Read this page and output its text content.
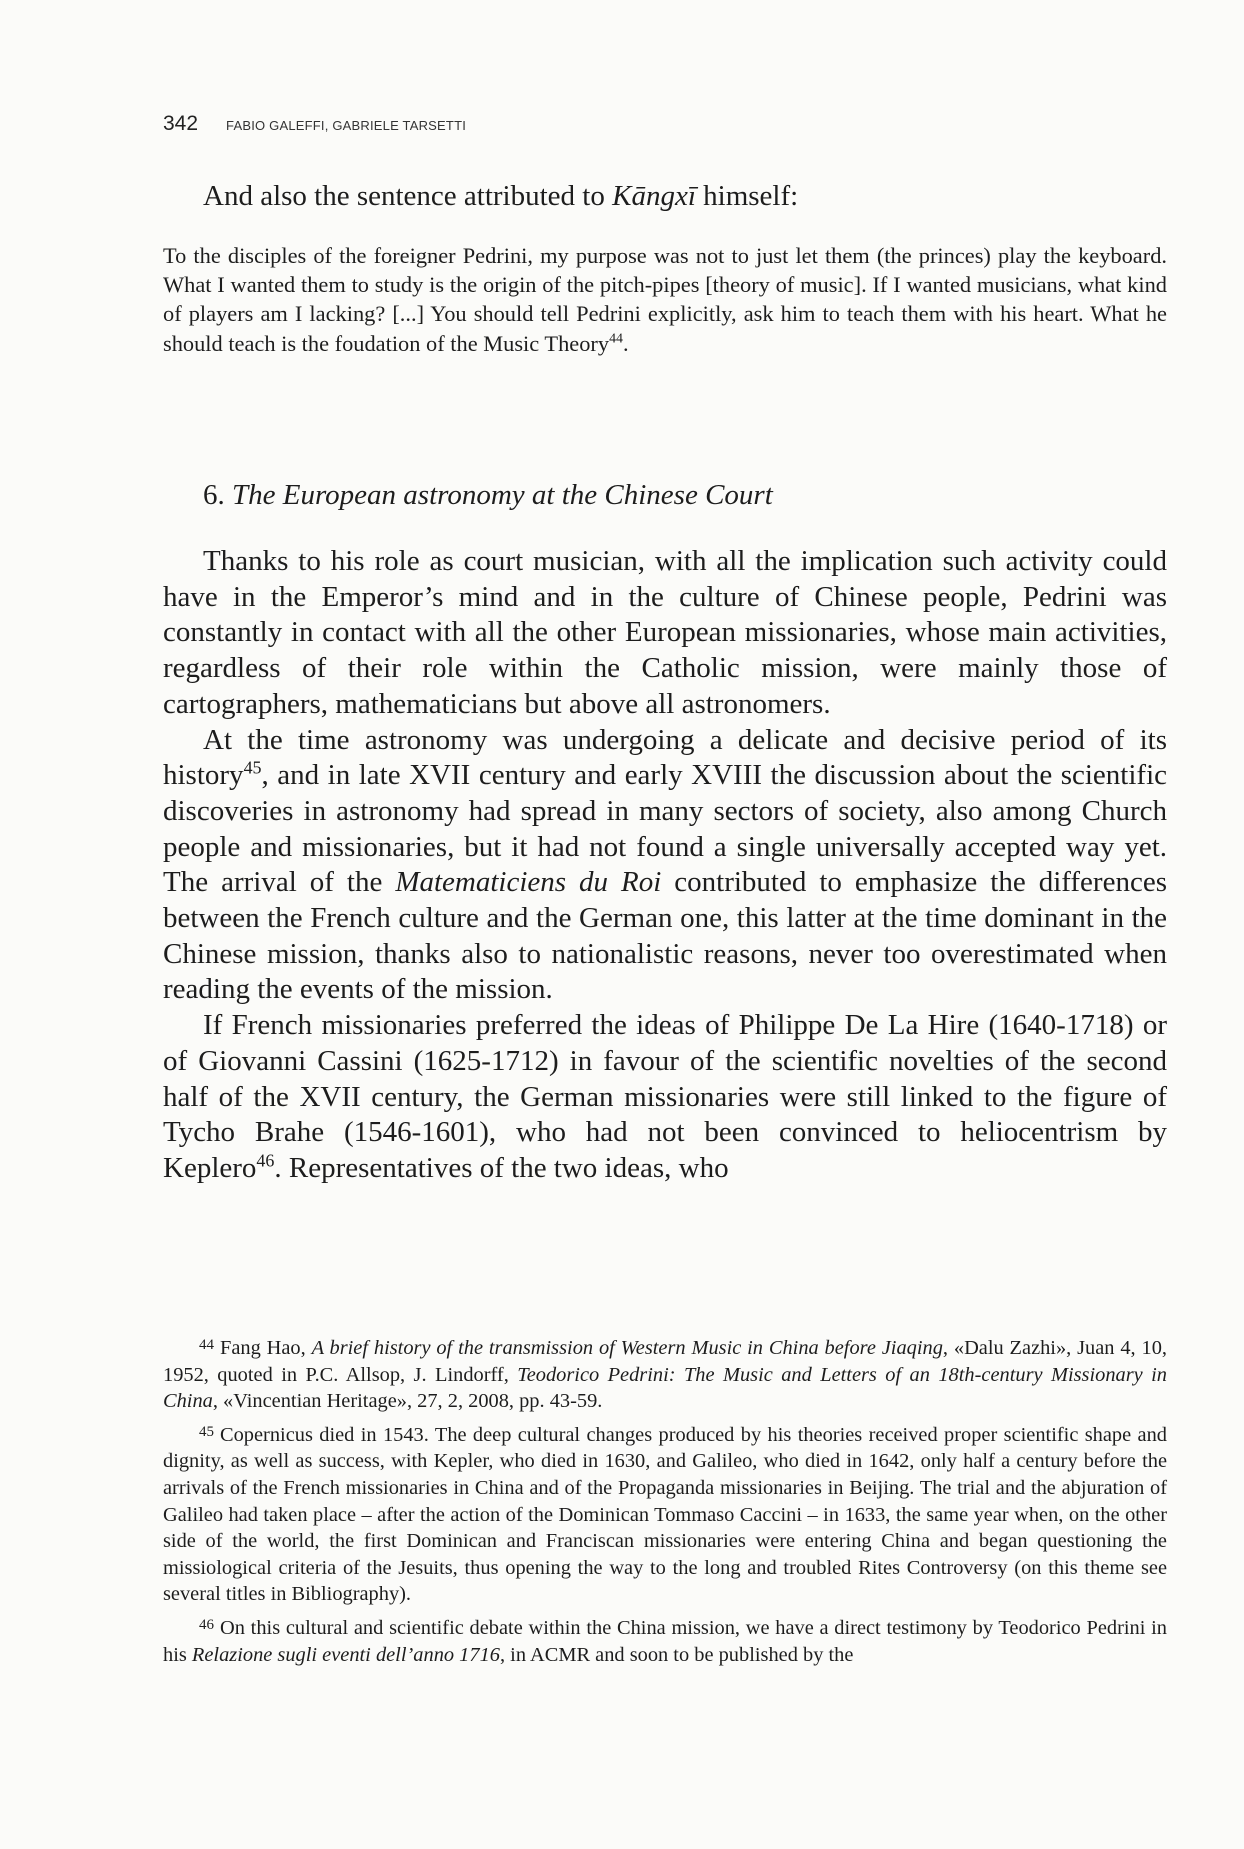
342 FABIO GALEFFI, GABRIELE TARSETTI

And also the sentence attributed to Kāngxī himself:

To the disciples of the foreigner Pedrini, my purpose was not to just let them (the princes) play the keyboard. What I wanted them to study is the origin of the pitch-pipes [theory of music]. If I wanted musicians, what kind of players am I lacking? [...] You should tell Pedrini explicitly, ask him to teach them with his heart. What he should teach is the foudation of the Music Theory$^{44}$.

6. The European astronomy at the Chinese Court

Thanks to his role as court musician, with all the implication such activity could have in the Emperor’s mind and in the culture of Chinese people, Pedrini was constantly in contact with all the other European missionaries, whose main activities, regardless of their role within the Catholic mission, were mainly those of cartographers, mathematicians but above all astronomers.

At the time astronomy was undergoing a delicate and decisive period of its history$^{45}$, and in late XVII century and early XVIII the discussion about the scientific discoveries in astronomy had spread in many sectors of society, also among Church people and missionaries, but it had not found a single universally accepted way yet. The arrival of the Matematiciens du Roi contributed to emphasize the differences between the French culture and the German one, this latter at the time dominant in the Chinese mission, thanks also to nationalistic reasons, never too overestimated when reading the events of the mission.

If French missionaries preferred the ideas of Philippe De La Hire (1640-1718) or of Giovanni Cassini (1625-1712) in favour of the scientific novelties of the second half of the XVII century, the German missionaries were still linked to the figure of Tycho Brahe (1546-1601), who had not been convinced to heliocentrism by Keplero$^{46}$. Representatives of the two ideas, who

$^{44}$ Fang Hao, A brief history of the transmission of Western Music in China before Jiaqing, «Dalu Zazhi», Juan 4, 10, 1952, quoted in P.C. Allsop, J. Lindorff, Teodorico Pedrini: The Music and Letters of an 18th-century Missionary in China, «Vincentian Heritage», 27, 2, 2008, pp. 43-59.

$^{45}$ Copernicus died in 1543. The deep cultural changes produced by his theories received proper scientific shape and dignity, as well as success, with Kepler, who died in 1630, and Galileo, who died in 1642, only half a century before the arrivals of the French missionaries in China and of the Propaganda missionaries in Beijing. The trial and the abjuration of Galileo had taken place – after the action of the Dominican Tommaso Caccini – in 1633, the same year when, on the other side of the world, the first Dominican and Franciscan missionaries were entering China and began questioning the missiological criteria of the Jesuits, thus opening the way to the long and troubled Rites Controversy (on this theme see several titles in Bibliography).

$^{46}$ On this cultural and scientific debate within the China mission, we have a direct testimony by Teodorico Pedrini in his Relazione sugli eventi dell’anno 1716, in ACMR and soon to be published by the
